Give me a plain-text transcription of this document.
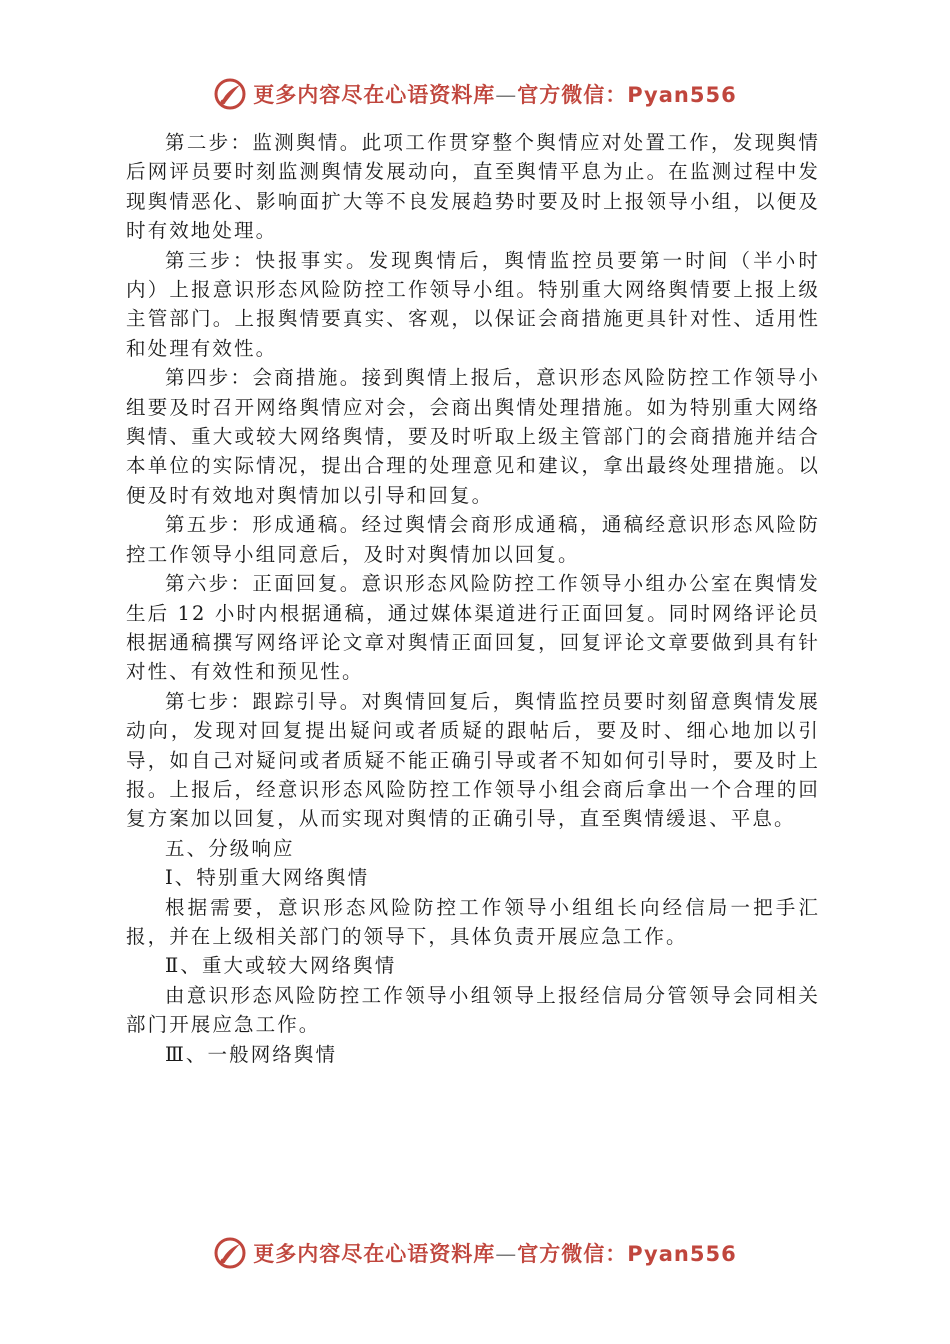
更多内容尽在心语资料库—官方微信：Pyan556

第二步：监测舆情。此项工作贯穿整个舆情应对处置工作，发现舆情后网评员要时刻监测舆情发展动向，直至舆情平息为止。在监测过程中发现舆情恶化、影响面扩大等不良发展趋势时要及时上报领导小组，以便及时有效地处理。

第三步：快报事实。发现舆情后，舆情监控员要第一时间（半小时内）上报意识形态风险防控工作领导小组。特别重大网络舆情要上报上级主管部门。上报舆情要真实、客观，以保证会商措施更具针对性、适用性和处理有效性。

第四步：会商措施。接到舆情上报后，意识形态风险防控工作领导小组要及时召开网络舆情应对会，会商出舆情处理措施。如为特别重大网络舆情、重大或较大网络舆情，要及时听取上级主管部门的会商措施并结合本单位的实际情况，提出合理的处理意见和建议，拿出最终处理措施。以便及时有效地对舆情加以引导和回复。

第五步：形成通稿。经过舆情会商形成通稿，通稿经意识形态风险防控工作领导小组同意后，及时对舆情加以回复。

第六步：正面回复。意识形态风险防控工作领导小组办公室在舆情发生后 12 小时内根据通稿，通过媒体渠道进行正面回复。同时网络评论员根据通稿撰写网络评论文章对舆情正面回复，回复评论文章要做到具有针对性、有效性和预见性。

第七步：跟踪引导。对舆情回复后，舆情监控员要时刻留意舆情发展动向，发现对回复提出疑问或者质疑的跟帖后，要及时、细心地加以引导，如自己对疑问或者质疑不能正确引导或者不知如何引导时，要及时上报。上报后，经意识形态风险防控工作领导小组会商后拿出一个合理的回复方案加以回复，从而实现对舆情的正确引导，直至舆情缓退、平息。

五、分级响应

Ⅰ、特别重大网络舆情

根据需要，意识形态风险防控工作领导小组组长向经信局一把手汇报，并在上级相关部门的领导下，具体负责开展应急工作。

Ⅱ、重大或较大网络舆情

由意识形态风险防控工作领导小组领导上报经信局分管领导会同相关部门开展应急工作。

Ⅲ、一般网络舆情

更多内容尽在心语资料库—官方微信：Pyan556
